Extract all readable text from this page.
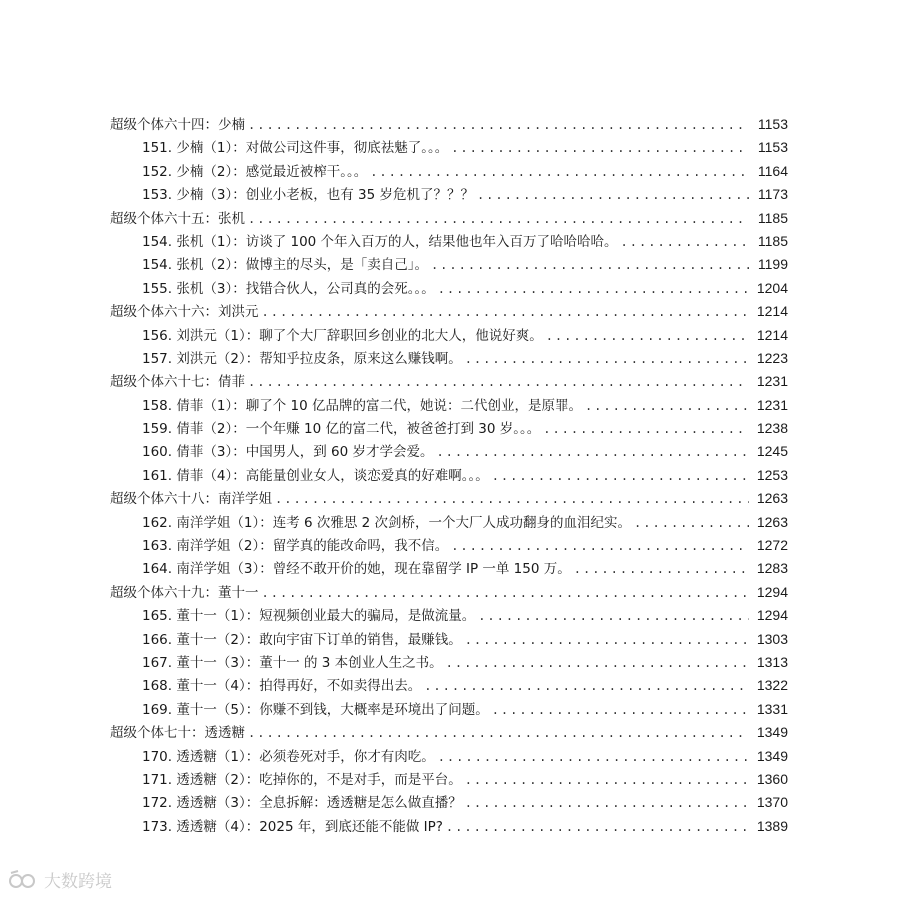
超级个体六十四：少楠 .....	1153
151. 少楠（1）：对做公司这件事，彻底祛魅了。。。 .....	1153
152. 少楠（2）：感觉最近被榨干。。。 .....	1164
153. 少楠（3）：创业小老板，也有 35 岁危机了？？？ .....	1173
超级个体六十五：张机 .....	1185
154. 张机（1）：访谈了 100 个年入百万的人，结果他也年入百万了哈哈哈哈。 .....	1185
154. 张机（2）：做博主的尽头，是「卖自己」。 .....	1199
155. 张机（3）：找错合伙人，公司真的会死。。。 .....	1204
超级个体六十六：刘洪元 .....	1214
156. 刘洪元（1）：聊了个大厂辞职回乡创业的北大人，他说好爽。 .....	1214
157. 刘洪元（2）：帮知乎拉皮条，原来这么赚钱啊。 .....	1223
超级个体六十七：倩菲 .....	1231
158. 倩菲（1）：聊了个 10 亿品牌的富二代，她说：二代创业，是原罪。 .....	1231
159. 倩菲（2）：一个年赚 10 亿的富二代，被爸爸打到 30 岁。。。 .....	1238
160. 倩菲（3）：中国男人，到 60 岁才学会爱。 .....	1245
161. 倩菲（4）：高能量创业女人，谈恋爱真的好难啊。。。 .....	1253
超级个体六十八：南洋学姐 .....	1263
162. 南洋学姐（1）：连考 6 次雅思 2 次剑桥，一个大厂人成功翻身的血泪纪实。 .....	1263
163. 南洋学姐（2）：留学真的能改命吗，我不信。 .....	1272
164. 南洋学姐（3）：曾经不敢开价的她，现在靠留学 IP 一单 150 万。 .....	1283
超级个体六十九：董十一 .....	1294
165. 董十一（1）：短视频创业最大的骗局，是做流量。 .....	1294
166. 董十一（2）：敢向宇宙下订单的销售，最赚钱。 .....	1303
167. 董十一（3）：董十一 的 3 本创业人生之书。 .....	1313
168. 董十一（4）：拍得再好，不如卖得出去。 .....	1322
169. 董十一（5）：你赚不到钱，大概率是环境出了问题。 .....	1331
超级个体七十：透透糖 .....	1349
170. 透透糖（1）：必须卷死对手，你才有肉吃。 .....	1349
171. 透透糖（2）：吃掉你的，不是对手，而是平台。 .....	1360
172. 透透糖（3）：全息拆解：透透糖是怎么做直播？ .....	1370
173. 透透糖（4）：2025 年，到底还能不能做 IP? .....	1389
大数跨境
